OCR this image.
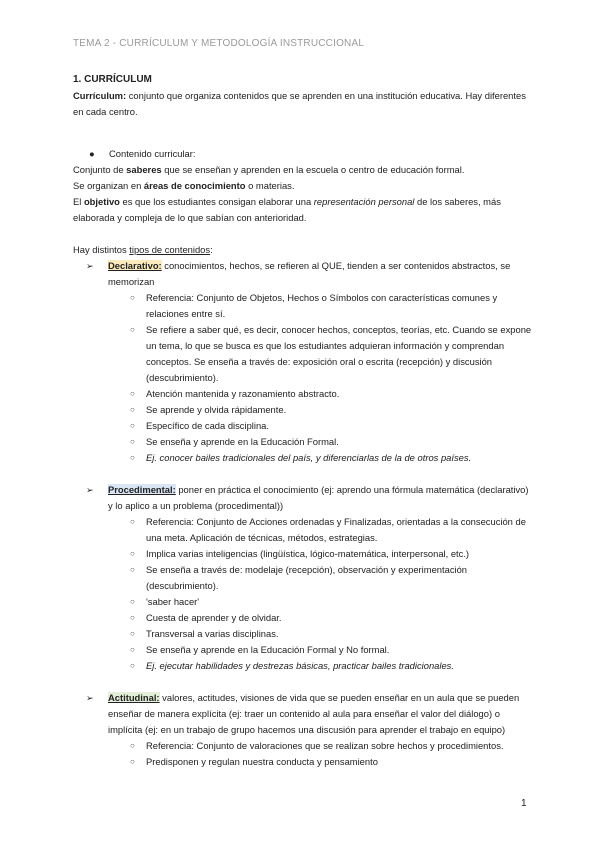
TEMA 2 - CURRÍCULUM Y METODOLOGÍA INSTRUCCIONAL

1. CURRÍCULUM

Currículum: conjunto que organiza contenidos que se aprenden en una institución educativa. Hay diferentes en cada centro.

●	Contenido curricular:

Conjunto de saberes que se enseñan y aprenden en la escuela o centro de educación formal.

Se organizan en áreas de conocimiento o materias.

El objetivo es que los estudiantes consigan elaborar una representación personal de los saberes, más elaborada y compleja de lo que sabían con anterioridad.

Hay distintos tipos de contenidos:

➢	Declarativo: conocimientos, hechos, se refieren al QUE, tienden a ser contenidos abstractos, se memorizan
○	Referencia: Conjunto de Objetos, Hechos o Símbolos con características comunes y relaciones entre sí.
○	Se refiere a saber qué, es decir, conocer hechos, conceptos, teorías, etc. Cuando se expone un tema, lo que se busca es que los estudiantes adquieran información y comprendan conceptos. Se enseña a través de: exposición oral o escrita (recepción) y discusión (descubrimiento).
○	Atención mantenida y razonamiento abstracto.
○	Se aprende y olvida rápidamente.
○	Específico de cada disciplina.
○	Se enseña y aprende en la Educación Formal.
○	Ej. conocer bailes tradicionales del país, y diferenciarlas de la de otros países.
➢	Procedimental: poner en práctica el conocimiento (ej: aprendo una fórmula matemática (declarativo) y lo aplico a un problema (procedimental))
○	Referencia: Conjunto de Acciones ordenadas y Finalizadas, orientadas a la consecución de una meta. Aplicación de técnicas, métodos, estrategias.
○	Implica varias inteligencias (lingüística, lógico-matemática, interpersonal, etc.)
○	Se enseña a través de: modelaje (recepción), observación y experimentación (descubrimiento).
○	'saber hacer'
○	Cuesta de aprender y de olvidar.
○	Transversal a varias disciplinas.
○	Se enseña y aprende en la Educación Formal y No formal.
○	Ej. ejecutar habilidades y destrezas básicas, practicar bailes tradicionales.
➢	Actitudinal: valores, actitudes, visiones de vida que se pueden enseñar en un aula que se pueden enseñar de manera explícita (ej: traer un contenido al aula para enseñar el valor del diálogo) o implícita (ej: en un trabajo de grupo hacemos una discusión para aprender el trabajo en equipo)
○	Referencia: Conjunto de valoraciones que se realizan sobre hechos y procedimientos.
○	Predisponen y regulan nuestra conducta y pensamiento
1
